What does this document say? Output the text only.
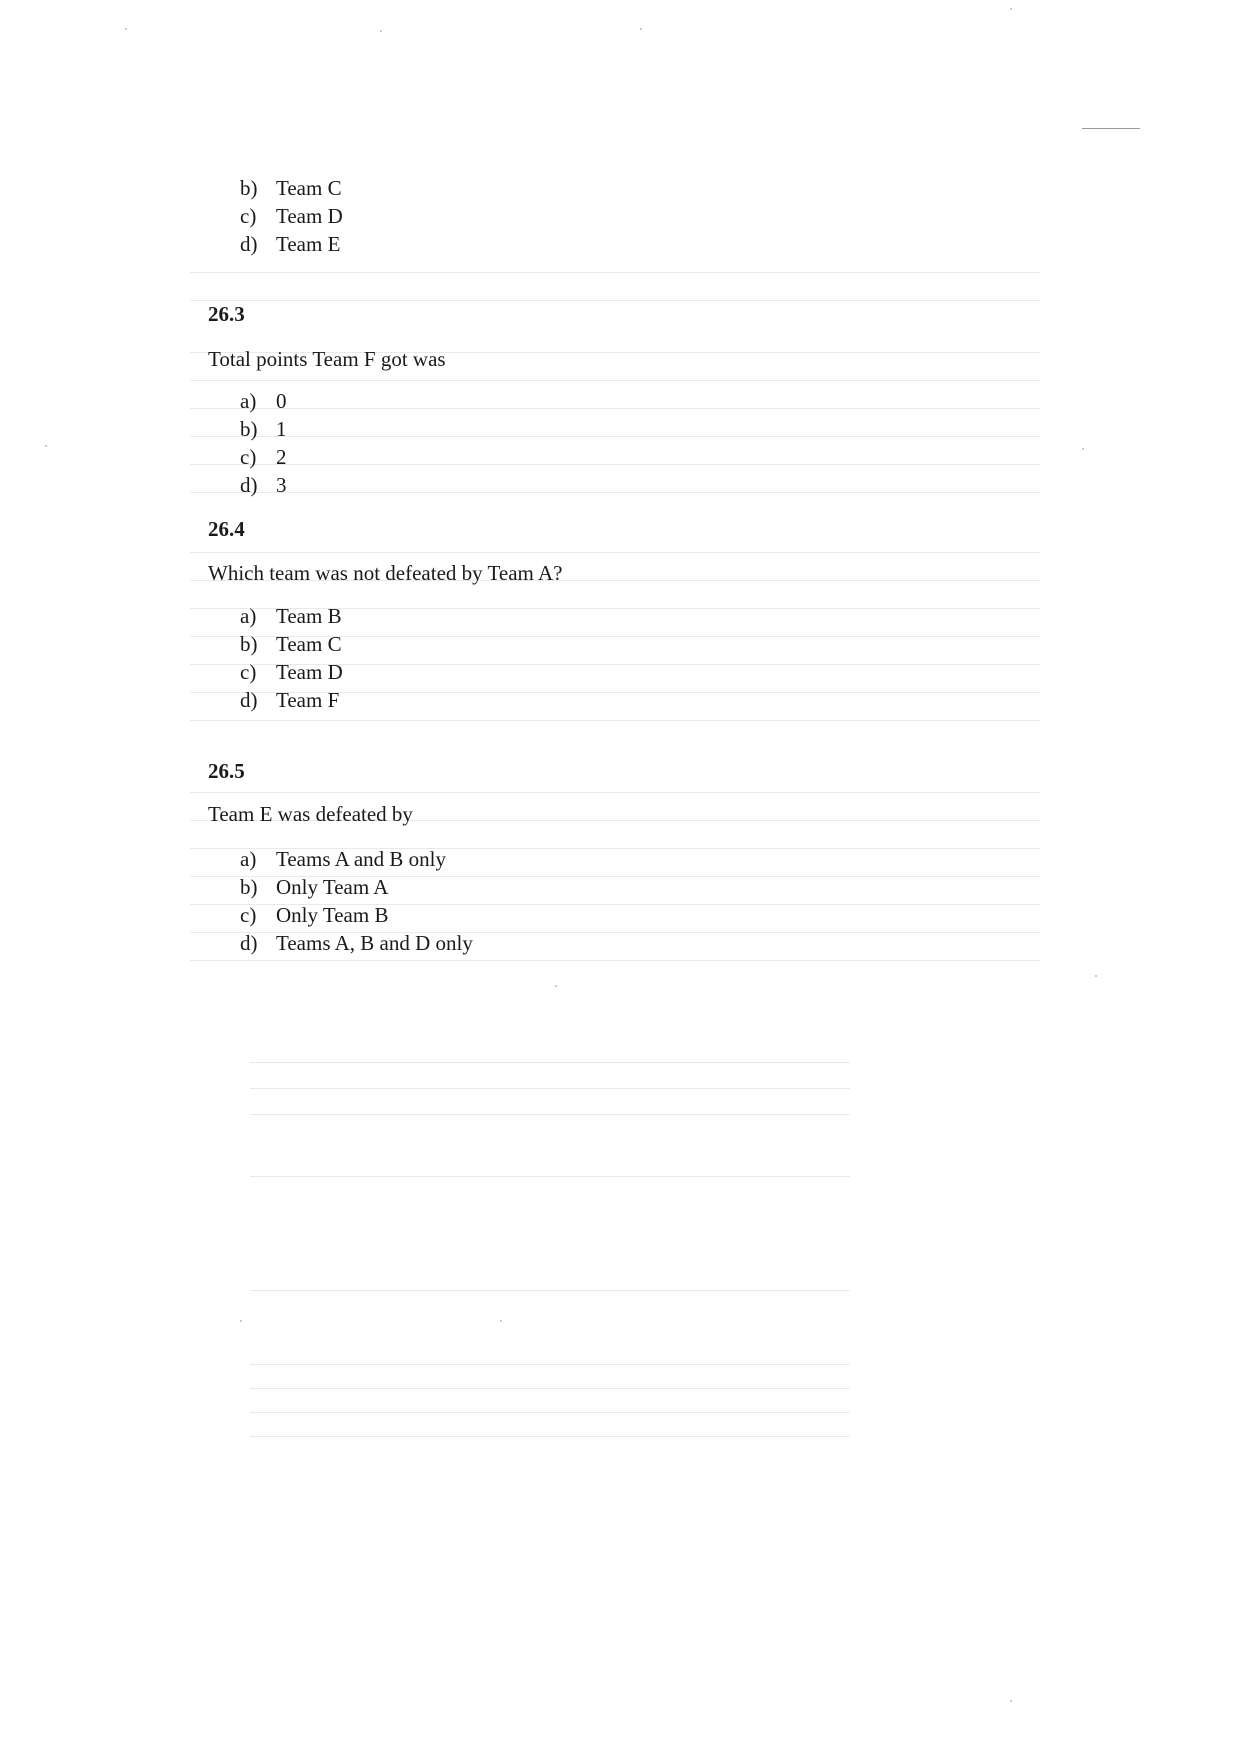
b) Team C
c) Team D
d) Team E
26.3
Total points Team F got was
a) 0
b) 1
c) 2
d) 3
26.4
Which team was not defeated by Team A?
a) Team B
b) Team C
c) Team D
d) Team F
26.5
Team E was defeated by
a) Teams A and B only
b) Only Team A
c) Only Team B
d) Teams A, B and D only
